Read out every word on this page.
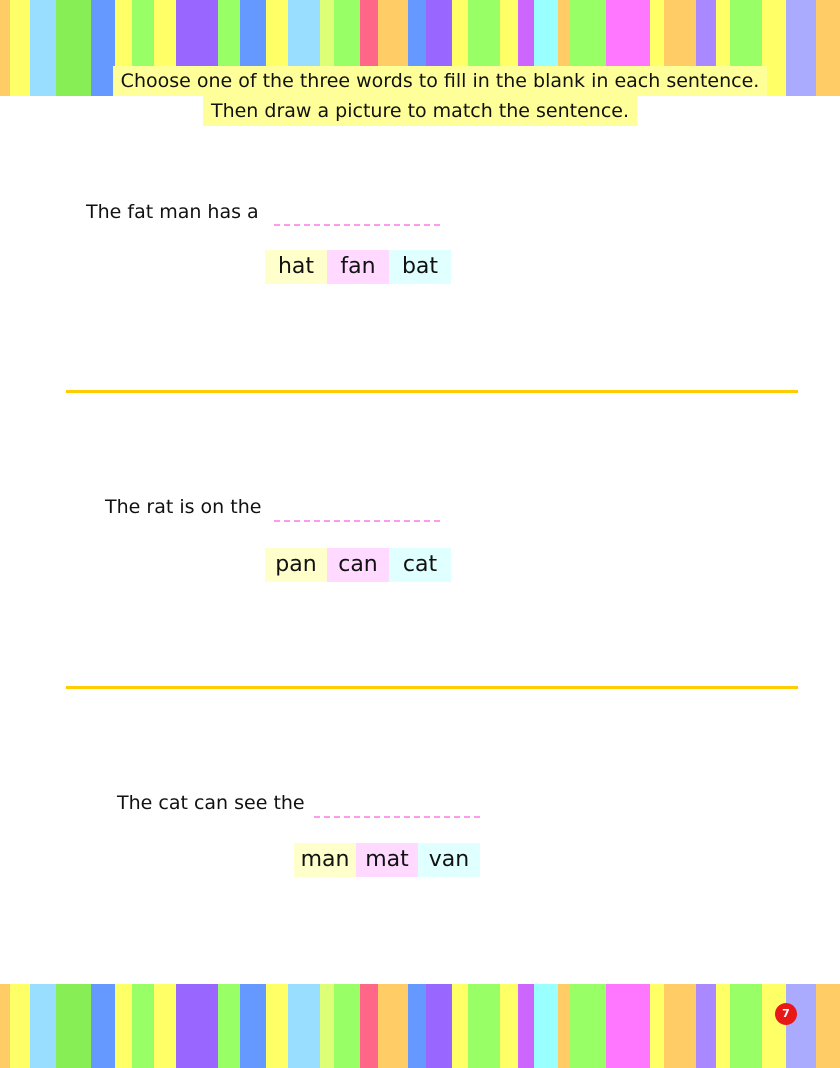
Choose one of the three words to fill in the blank in each sentence.
Then draw a picture to match the sentence.
The fat man has a
hat	fan	bat
The rat is on the
pan can	cat
The cat can see the
man mat van
7
